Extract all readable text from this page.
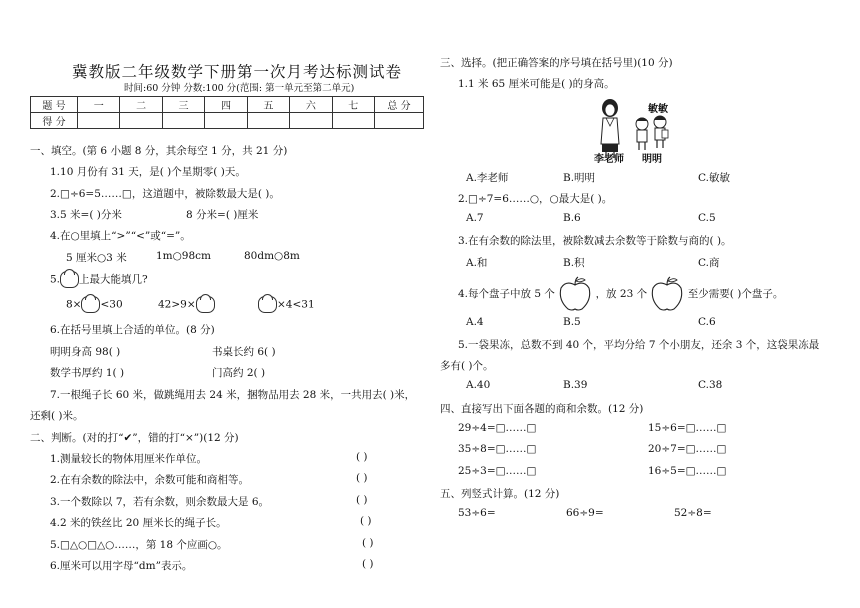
冀教版二年级数学下册第一次月考达标测试卷
时间:60 分钟 分数:100 分(范围: 第一单元至第二单元)
题 号	一	二	三	四	五	六	七	总 分
得 分								
一、填空。(第 6 小题 8 分，其余每空 1 分，共 21 分)
1.10 月份有 31 天，是( )个星期零( )天。
2.□÷6=5……□，这道题中，被除数最大是( )。
3.5 米=( )分米	8 分米=( )厘米
4.在○里填上“>”“<”或“=”。
5 厘米○3 米	1m○98cm	80dm○8m
5. 上最大能填几?
8× <30	42>9×	×4<31
6.在括号里填上合适的单位。(8 分)
明明身高 98( )	书桌长约 6( )
数学书厚约 1( )	门高约 2( )
7.一根绳子长 60 米，做跳绳用去 24 米，捆物品用去 28 米，一共用去( )米，
还剩( )米。
二、判断。(对的打“✔”，错的打“×”)(12 分)
1.测量较长的物体用厘米作单位。	( )
2.在有余数的除法中，余数可能和商相等。	( )
3.一个数除以 7，若有余数，则余数最大是 6。	( )
4.2 米的铁丝比 20 厘米长的绳子长。	( )
5.□△○□△○……，第 18 个应画○。	( )
6.厘米可以用字母“dm”表示。	( )
三、选择。(把正确答案的序号填在括号里)(10 分)
1.1 米 65 厘米可能是( )的身高。
敏敏
李老师 明明
A.李老师	B.明明	C.敏敏
2.□÷7=6……○，○最大是( )。
A.7	B.6	C.5
3.在有余数的除法里，被除数减去余数等于除数与商的( )。
A.和	B.积	C.商
4.每个盘子中放 5 个	，放 23 个	至少需要( )个盘子。
A.4	B.5	C.6
5.一袋果冻，总数不到 40 个，平均分给 7 个小朋友，还余 3 个，这袋果冻最
多有( )个。
A.40	B.39	C.38
四、直接写出下面各题的商和余数。(12 分)
29÷4=□……□	15÷6=□……□
35÷8=□……□	20÷7=□……□
25÷3=□……□	16÷5=□……□
五、列竖式计算。(12 分)
53÷6=	66÷9=	52÷8=
